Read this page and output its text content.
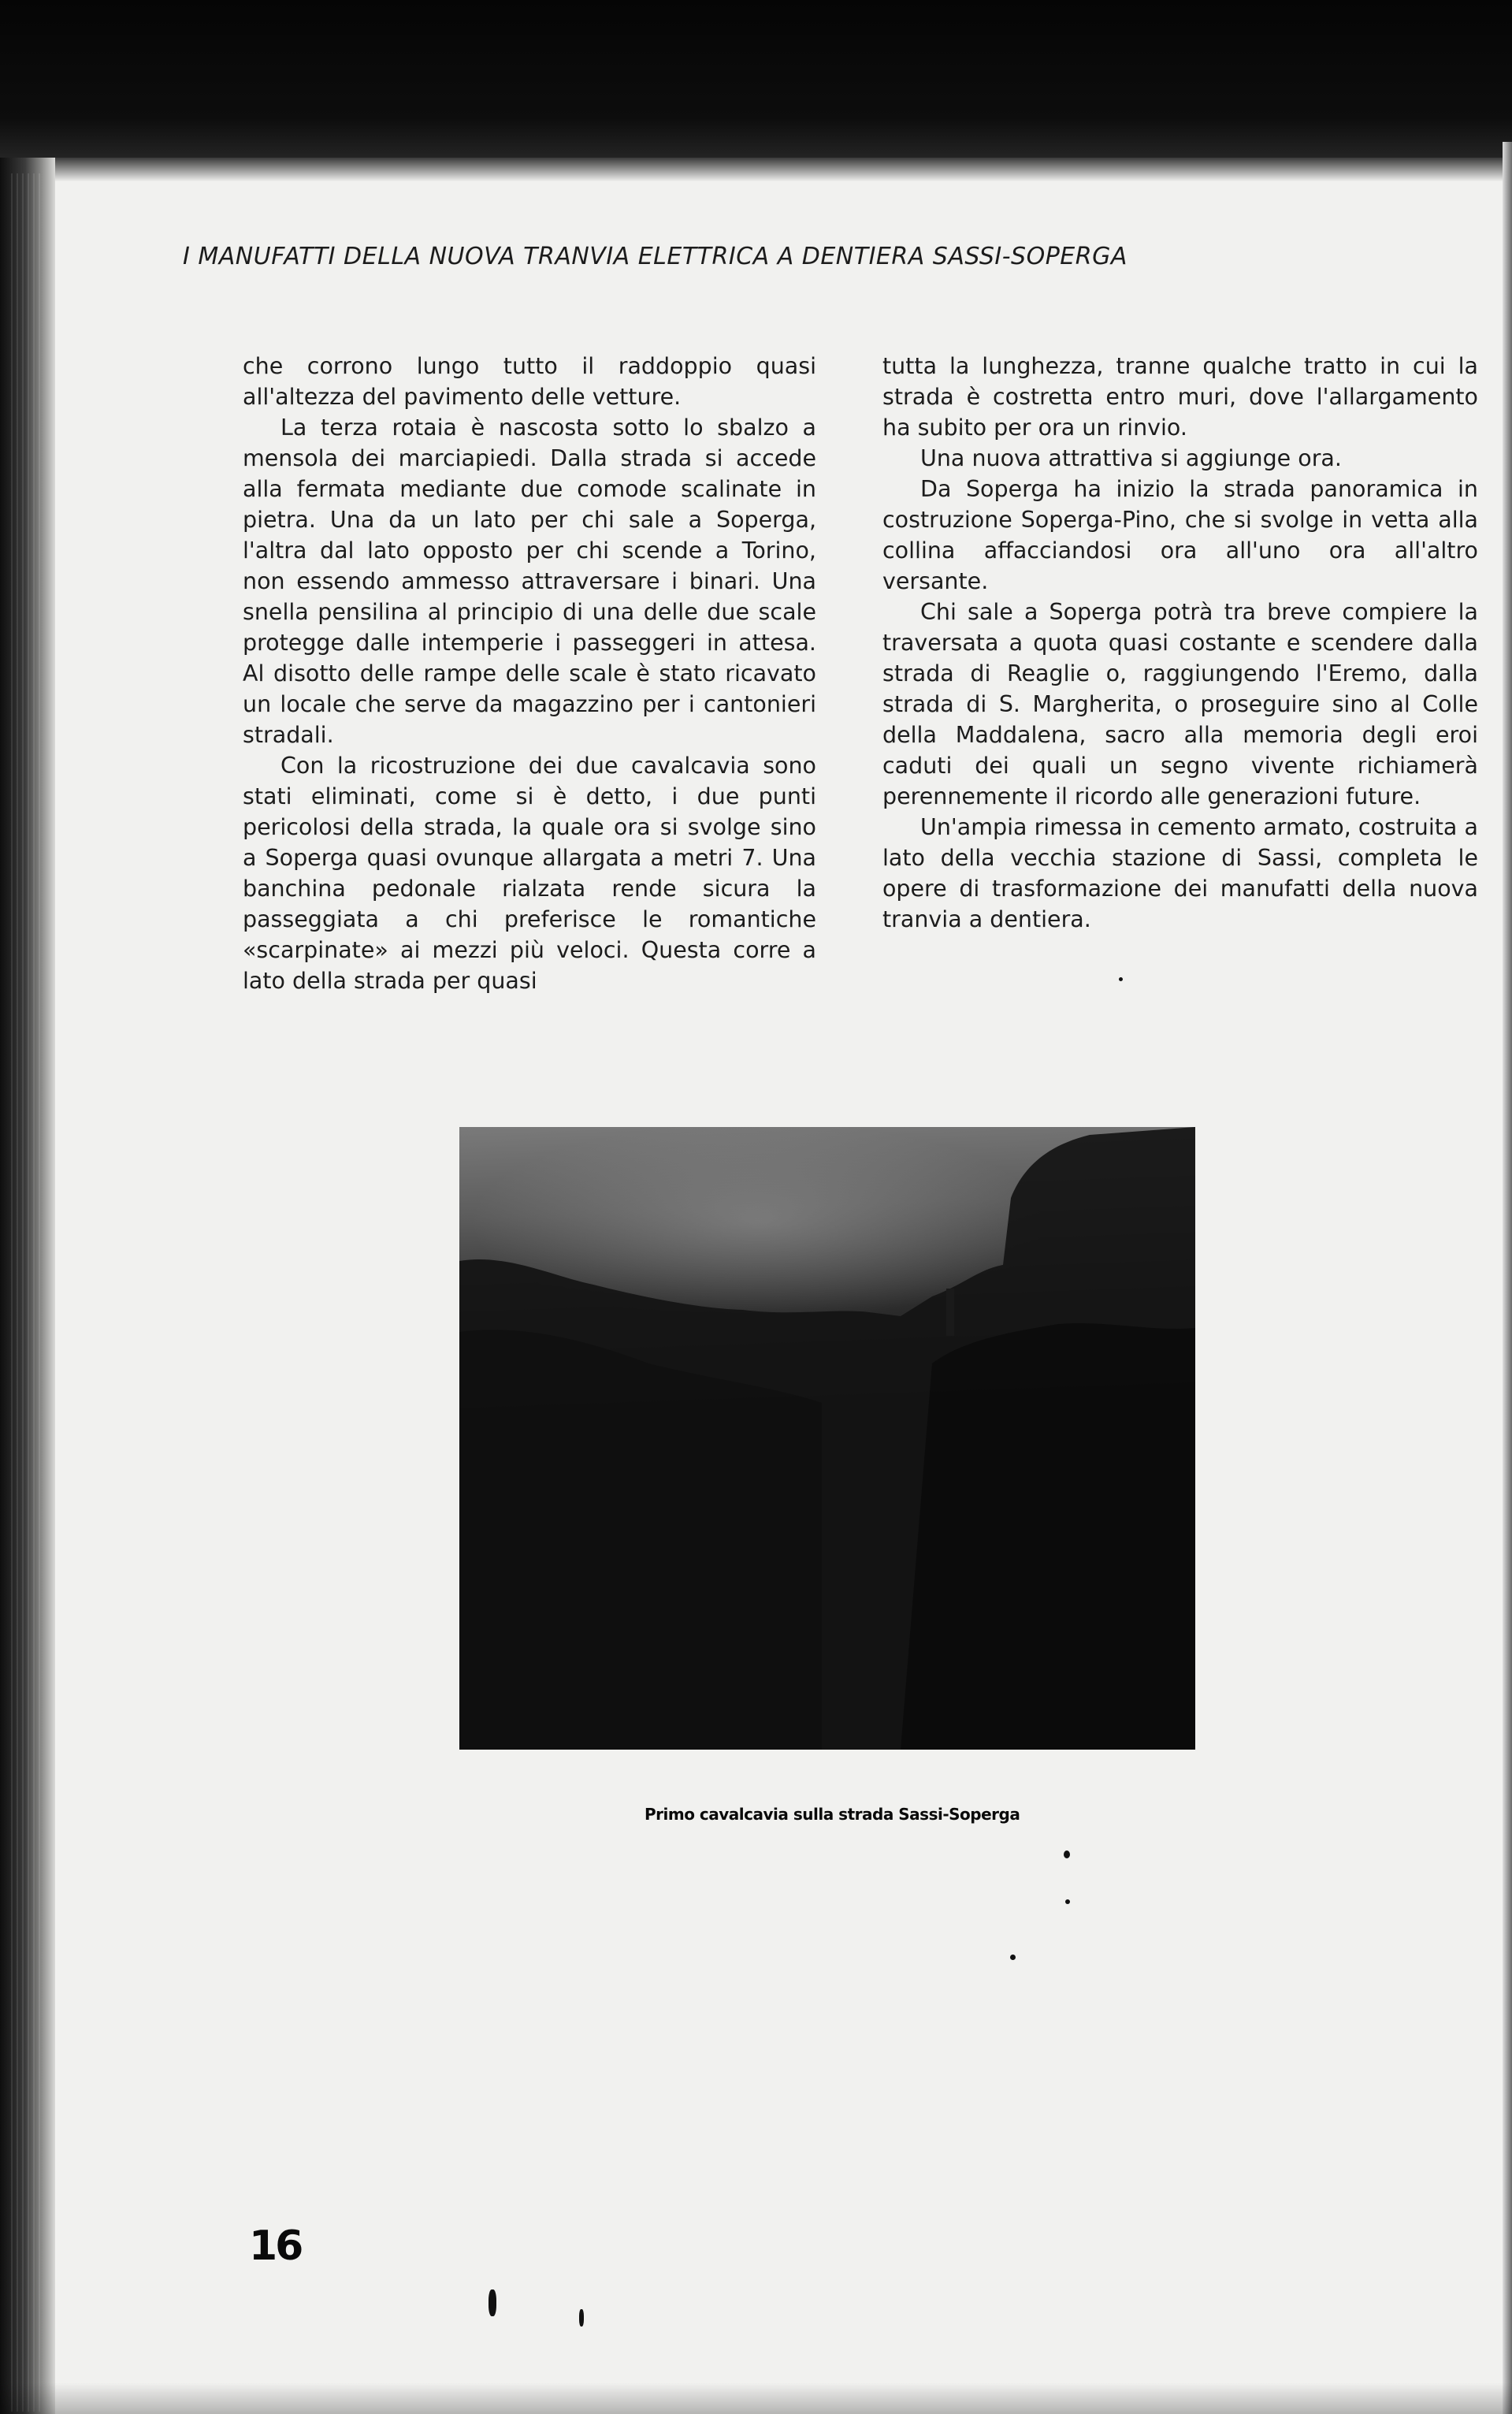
I MANUFATTI DELLA NUOVA TRANVIA ELETTRICA A DENTIERA SASSI-SOPERGA

che corrono lungo tutto il raddoppio quasi all'altezza del pavimento delle vetture.

La terza rotaia è nascosta sotto lo sbalzo a mensola dei marciapiedi. Dalla strada si accede alla fermata mediante due comode scalinate in pietra. Una da un lato per chi sale a Soperga, l'altra dal lato opposto per chi scende a Torino, non essendo ammesso attraversare i binari. Una snella pensilina al principio di una delle due scale protegge dalle intemperie i passeggeri in attesa. Al disotto delle rampe delle scale è stato ricavato un locale che serve da magazzino per i cantonieri stradali.

Con la ricostruzione dei due cavalcavia sono stati eliminati, come si è detto, i due punti pericolosi della strada, la quale ora si svolge sino a Soperga quasi ovunque allargata a metri 7. Una banchina pedonale rialzata rende sicura la passeggiata a chi preferisce le romantiche «scarpinate» ai mezzi più veloci. Questa corre a lato della strada per quasi

tutta la lunghezza, tranne qualche tratto in cui la strada è costretta entro muri, dove l'allargamento ha subito per ora un rinvio.

Una nuova attrattiva si aggiunge ora.

Da Soperga ha inizio la strada panoramica in costruzione Soperga-Pino, che si svolge in vetta alla collina affacciandosi ora all'uno ora all'altro versante.

Chi sale a Soperga potrà tra breve compiere la traversata a quota quasi costante e scendere dalla strada di Reaglie o, raggiungendo l'Eremo, dalla strada di S. Margherita, o proseguire sino al Colle della Maddalena, sacro alla memoria degli eroi caduti dei quali un segno vivente richiamerà perennemente il ricordo alle generazioni future.

Un'ampia rimessa in cemento armato, costruita a lato della vecchia stazione di Sassi, completa le opere di trasformazione dei manufatti della nuova tranvia a dentiera.

Primo cavalcavia sulla strada Sassi-Soperga
16
